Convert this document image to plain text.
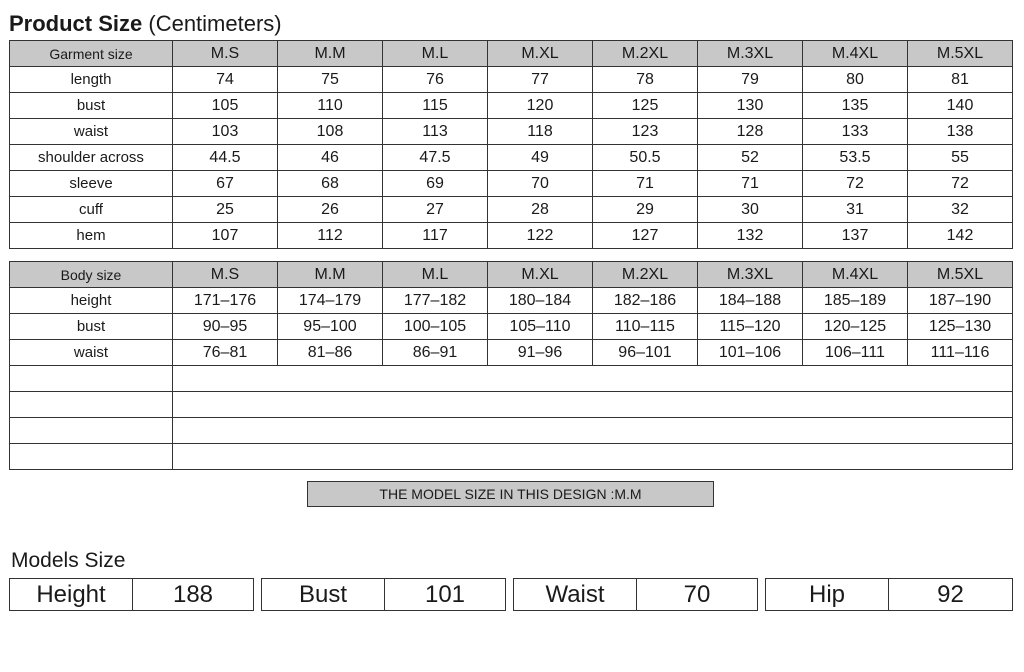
Product Size (Centimeters)
Garment size	M.S	M.M	M.L	M.XL	M.2XL	M.3XL	M.4XL	M.5XL
length	74	75	76	77	78	79	80	81
bust	105	110	115	120	125	130	135	140
waist	103	108	113	118	123	128	133	138
shoulder across	44.5	46	47.5	49	50.5	52	53.5	55
sleeve	67	68	69	70	71	71	72	72
cuff	25	26	27	28	29	30	31	32
hem	107	112	117	122	127	132	137	142
Body size	M.S	M.M	M.L	M.XL	M.2XL	M.3XL	M.4XL	M.5XL
height	171–176	174–179	177–182	180–184	182–186	184–188	185–189	187–190
bust	90–95	95–100	100–105	105–110	110–115	115–120	120–125	125–130
waist	76–81	81–86	86–91	91–96	96–101	101–106	106–111	111–116

THE MODEL SIZE IN THIS DESIGN :M.M
Models Size
Height	188	Bust	101	Waist	70	Hip	92
